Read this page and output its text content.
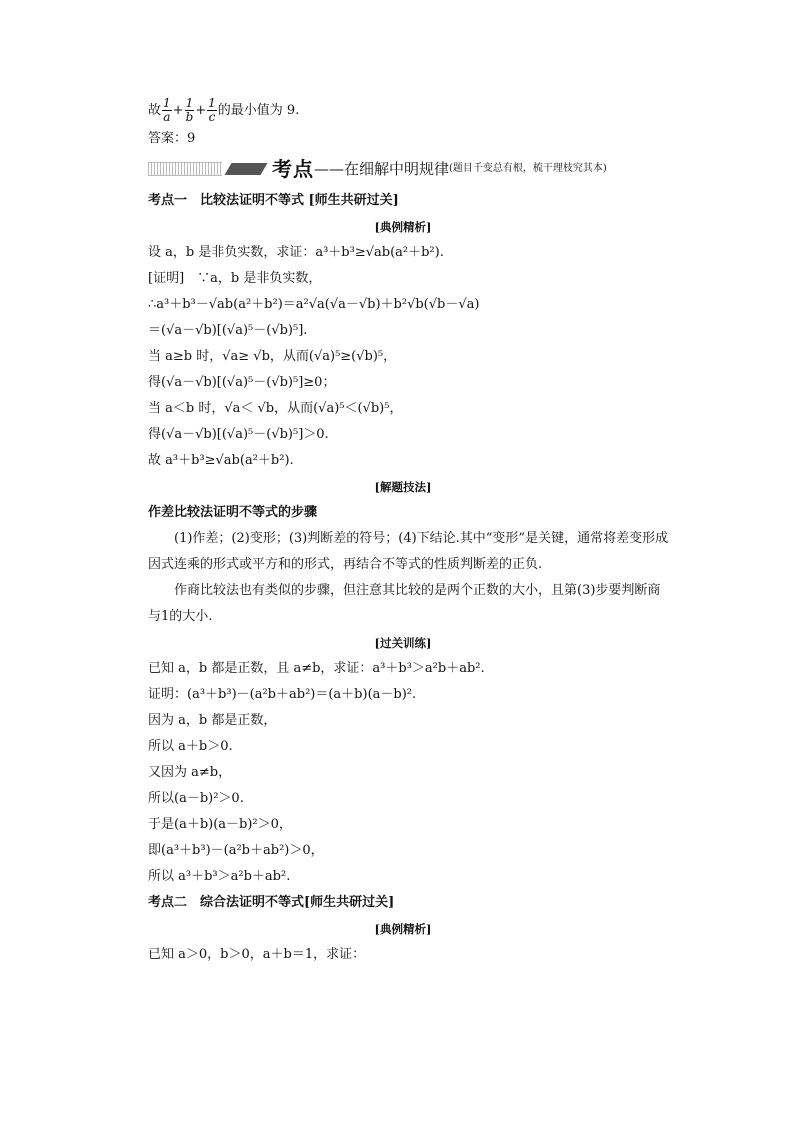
故 $\frac{1}{a} + \frac{1}{b} + \frac{1}{c}$ 的最小值为 9.
答案：9
考点 ——在细解中明规律 (题目千变总有根，梳干理枝究其本)
考点一　比较法证明不等式 [师生共研过关]
[典例精析]
设 a，b 是非负实数，求证：a³＋b³≥√ab(a²＋b²).
[证明]　∵a，b 是非负实数，
∴a³＋b³－√ab(a²＋b²)＝a²√a(√a－√b)＋b²√b(√b－√a)
＝(√a－√b)[(√a)⁵－(√b)⁵].
当 a≥b 时，√a≥ √b，从而(√a)⁵≥(√b)⁵，
得(√a－√b)[(√a)⁵－(√b)⁵]≥0；
当 a＜b 时，√a＜ √b，从而(√a)⁵＜(√b)⁵，
得(√a－√b)[(√a)⁵－(√b)⁵]＞0.
故 a³＋b³≥√ab(a²＋b²).
[解题技法]
作差比较法证明不等式的步骤
(1)作差；(2)变形；(3)判断差的符号；(4)下结论.其中“变形”是关键，通常将差变形成
因式连乘的形式或平方和的形式，再结合不等式的性质判断差的正负.
作商比较法也有类似的步骤，但注意其比较的是两个正数的大小，且第(3)步要判断商
与1的大小.
[过关训练]
已知 a，b 都是正数，且 a≠b，求证：a³＋b³＞a²b＋ab².
证明：(a³＋b³)－(a²b＋ab²)＝(a＋b)(a－b)².
因为 a，b 都是正数，
所以 a＋b＞0.
又因为 a≠b，
所以(a－b)²＞0.
于是(a＋b)(a－b)²＞0，
即(a³＋b³)－(a²b＋ab²)＞0，
所以 a³＋b³＞a²b＋ab².
考点二　综合法证明不等式[师生共研过关]
[典例精析]
已知 a＞0，b＞0，a＋b＝1，求证：
